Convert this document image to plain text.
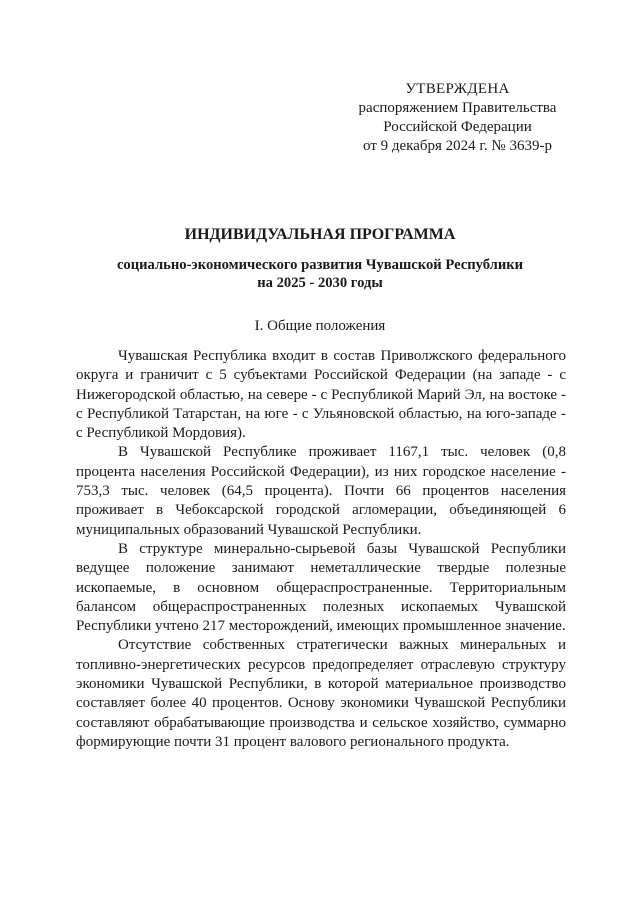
УТВЕРЖДЕНА
распоряжением Правительства
Российской Федерации
от 9 декабря 2024 г. № 3639-р
ИНДИВИДУАЛЬНАЯ ПРОГРАММА
социально-экономического развития Чувашской Республики
на 2025 - 2030 годы
I. Общие положения

Чувашская Республика входит в состав Приволжского федерального округа и граничит с 5 субъектами Российской Федерации (на западе - с Нижегородской областью, на севере - с Республикой Марий Эл, на востоке - с Республикой Татарстан, на юге - с Ульяновской областью, на юго-западе - с Республикой Мордовия).

В Чувашской Республике проживает 1167,1 тыс. человек (0,8 процента населения Российской Федерации), из них городское население - 753,3 тыс. человек (64,5 процента). Почти 66 процентов населения проживает в Чебоксарской городской агломерации, объединяющей 6 муниципальных образований Чувашской Республики.

В структуре минерально-сырьевой базы Чувашской Республики ведущее положение занимают неметаллические твердые полезные ископаемые, в основном общераспространенные. Территориальным балансом общераспространенных полезных ископаемых Чувашской Республики учтено 217 месторождений, имеющих промышленное значение.

Отсутствие собственных стратегически важных минеральных и топливно-энергетических ресурсов предопределяет отраслевую структуру экономики Чувашской Республики, в которой материальное производство составляет более 40 процентов. Основу экономики Чувашской Республики составляют обрабатывающие производства и сельское хозяйство, суммарно формирующие почти 31 процент валового регионального продукта.
